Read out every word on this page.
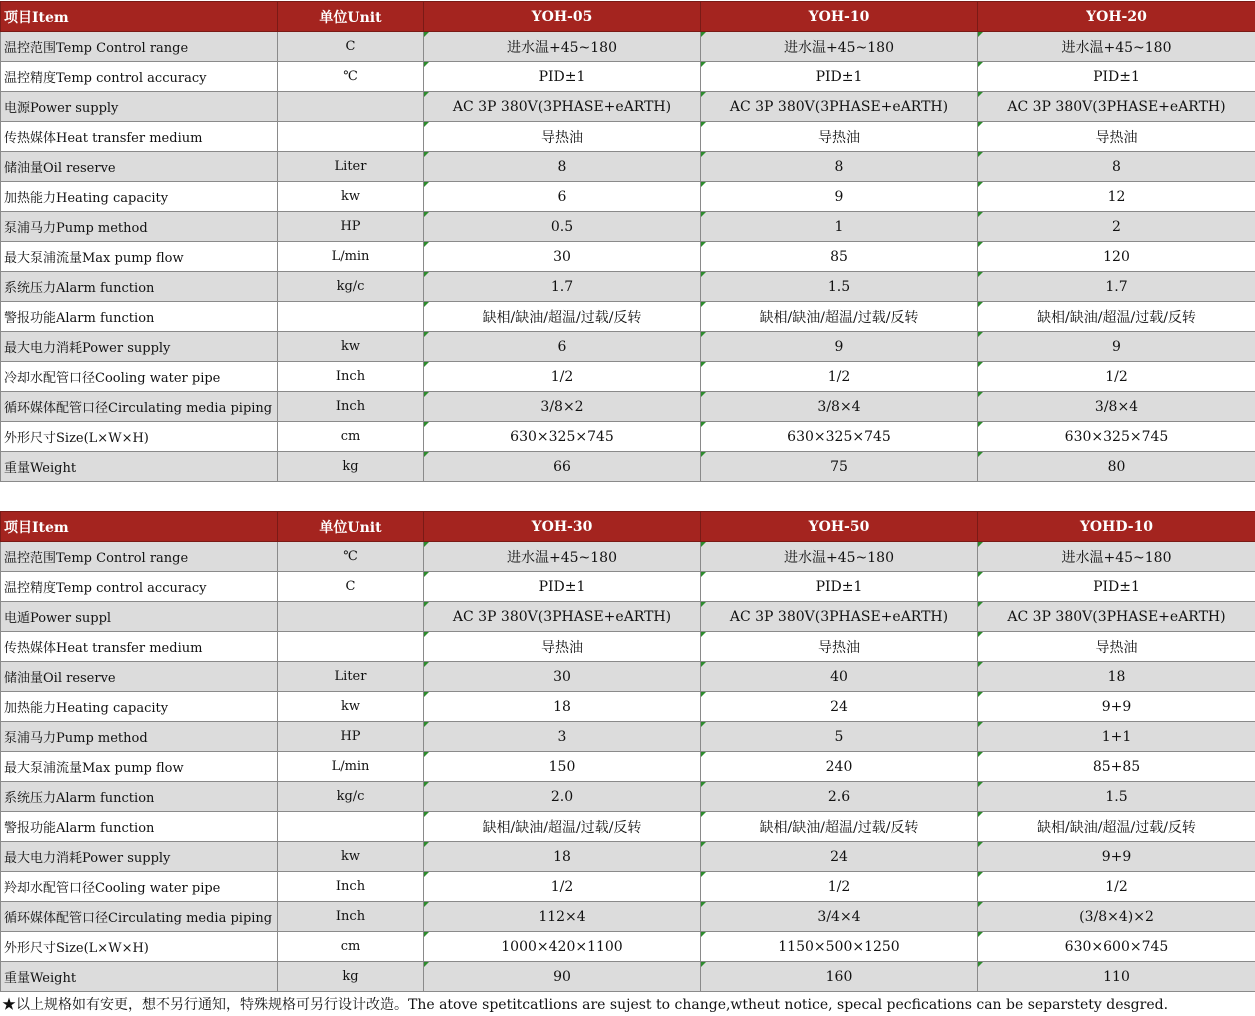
项目Item	单位Unit	YOH-05	YOH-10	YOH-20
温控范围Temp Control range	C	进水温+45~180	进水温+45~180	进水温+45~180
温控精度Temp control accuracy	℃	PID±1	PID±1	PID±1
电源Power supply		AC 3P 380V(3PHASE+eARTH)	AC 3P 380V(3PHASE+eARTH)	AC 3P 380V(3PHASE+eARTH)
传热媒体Heat transfer medium		导热油	导热油	导热油
储油量Oil reserve	Liter	8	8	8
加热能力Heating capacity	kw	6	9	12
泵浦马力Pump method	HP	0.5	1	2
最大泵浦流量Max pump flow	L/min	30	85	120
系统压力Alarm function	kg/c	1.7	1.5	1.7
警报功能Alarm function		缺相/缺油/超温/过载/反转	缺相/缺油/超温/过载/反转	缺相/缺油/超温/过载/反转
最大电力消耗Power supply	kw	6	9	9
冷却水配管口径Cooling water pipe	Inch	1/2	1/2	1/2
循环媒体配管口径Circulating media piping	Inch	3/8×2	3/8×4	3/8×4
外形尺寸Size(L×W×H)	cm	630×325×745	630×325×745	630×325×745
重量Weight	kg	66	75	80
项目Item	单位Unit	YOH-30	YOH-50	YOHD-10
温控范围Temp Control range	℃	进水温+45~180	进水温+45~180	进水温+45~180
温控精度Temp control accuracy	C	PID±1	PID±1	PID±1
电遁Power suppl		AC 3P 380V(3PHASE+eARTH)	AC 3P 380V(3PHASE+eARTH)	AC 3P 380V(3PHASE+eARTH)
传热媒体Heat transfer medium		导热油	导热油	导热油
储油量Oil reserve	Liter	30	40	18
加热能力Heating capacity	kw	18	24	9+9
泵浦马力Pump method	HP	3	5	1+1
最大泵浦流量Max pump flow	L/min	150	240	85+85
系统压力Alarm function	kg/c	2.0	2.6	1.5
警报功能Alarm function		缺相/缺油/超温/过载/反转	缺相/缺油/超温/过载/反转	缺相/缺油/超温/过载/反转
最大电力消耗Power supply	kw	18	24	9+9
羚却水配管口径Cooling water pipe	Inch	1/2	1/2	1/2
循环媒体配管口径Circulating media piping	Inch	112×4	3/4×4	(3/8×4)×2
外形尺寸Size(L×W×H)	cm	1000×420×1100	1150×500×1250	630×600×745
重量Weight	kg	90	160	110
★以上规格如有安更，想不另行通知，特殊规格可另行设计改造。The atove spetitcatlions are sujest to change,wtheut notice, specal pecfications can be separstety desgred.
